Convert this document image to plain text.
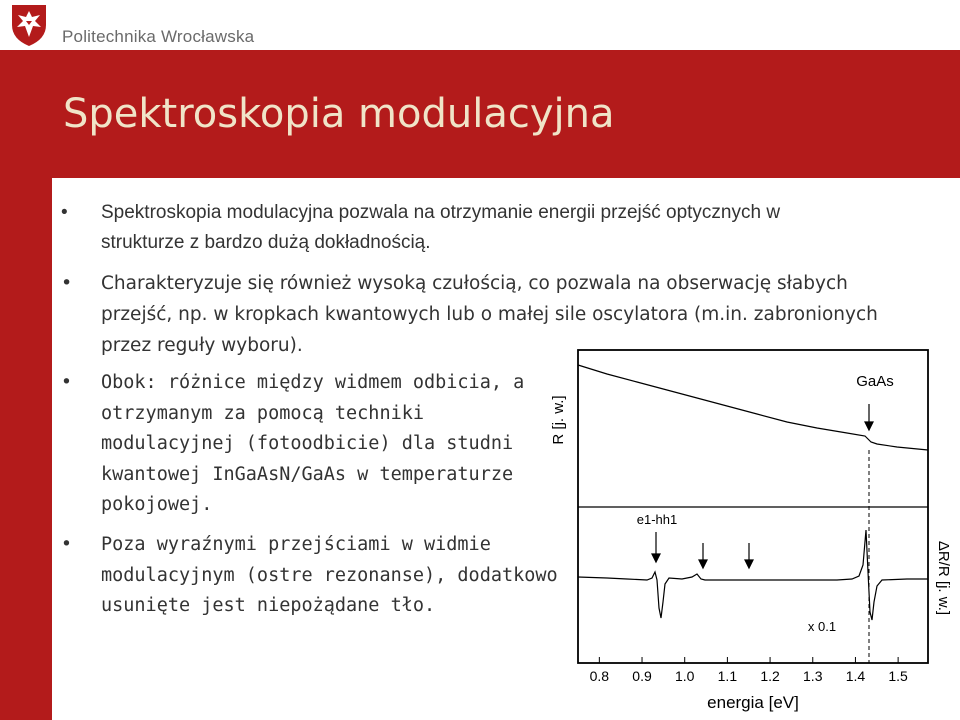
Politechnika Wrocławska
Spektroskopia modulacyjna
• Spektroskopia modulacyjna pozwala na otrzymanie energii przejść optycznych w strukturze z bardzo dużą dokładnością.
• Charakteryzuje się również wysoką czułością, co pozwala na obserwację słabych przejść, np. w kropkach kwantowych lub o małej sile oscylatora (m.in. zabronionych przez reguły wyboru).
• Obok: różnice między widmem odbicia, a otrzymanym za pomocą techniki modulacyjnej (fotoodbicie) dla studni kwantowej InGaAsN/GaAs w temperaturze pokojowej.
• Poza wyraźnymi przejściami w widmie modulacyjnym (ostre rezonanse), dodatkowo usunięte jest niepożądane tło.
GaAs
e1-hh1
x 0.1
R [j. w.]
ΔR/R [j. w.]
0.8 0.9 1.0 1.1 1.2 1.3 1.4 1.5
energia [eV]
